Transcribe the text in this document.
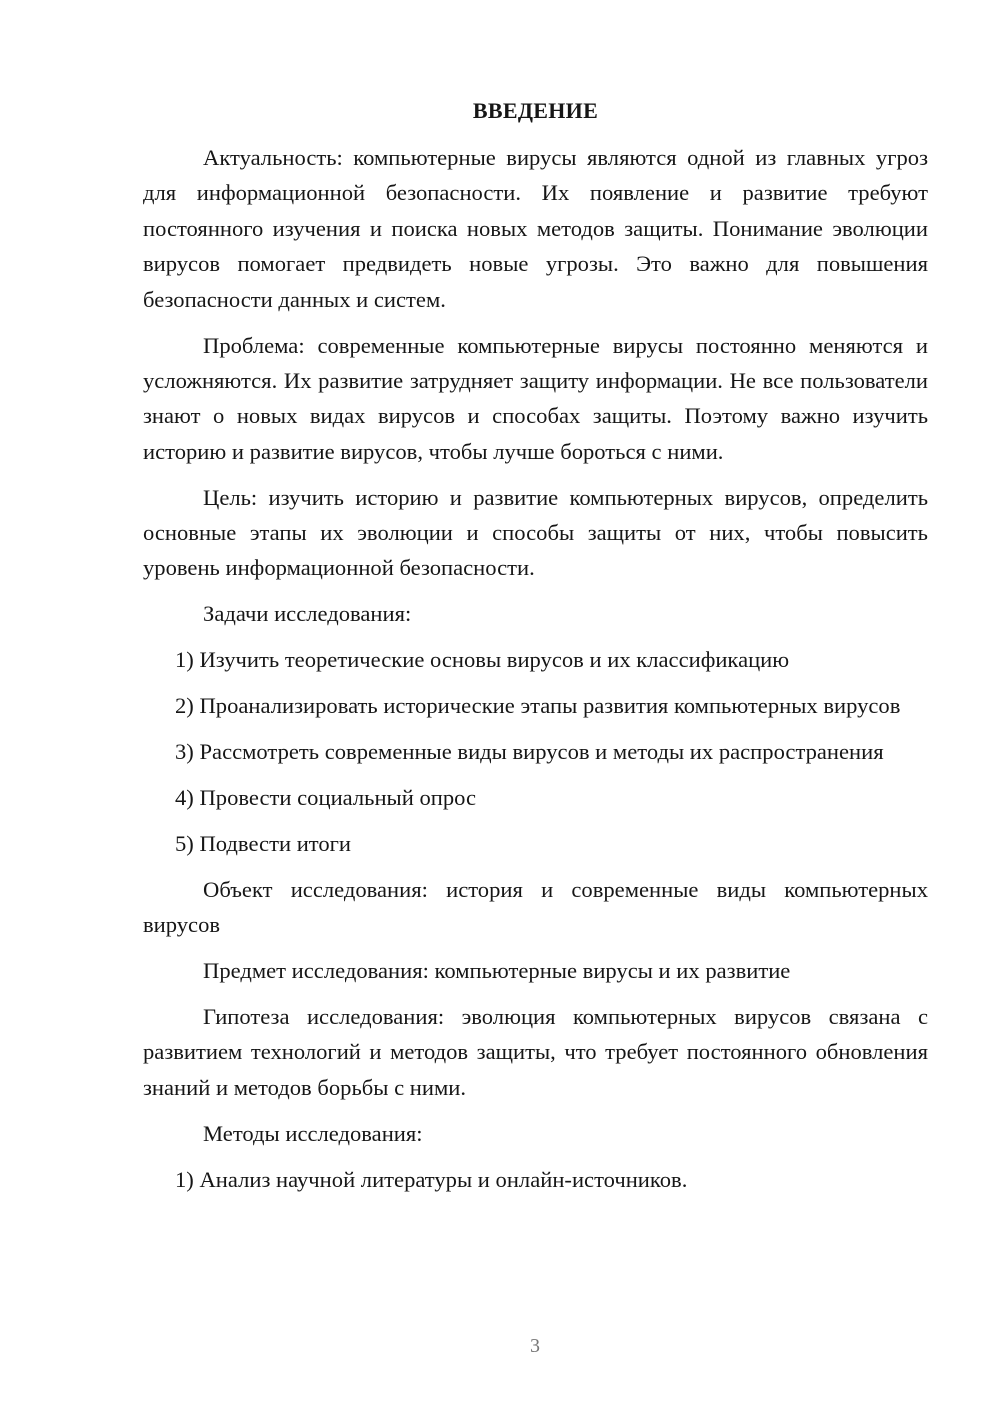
ВВЕДЕНИЕ

Актуальность: компьютерные вирусы являются одной из главных угроз для информационной безопасности. Их появление и развитие требуют постоянного изучения и поиска новых методов защиты. Понимание эволюции вирусов помогает предвидеть новые угрозы. Это важно для повышения безопасности данных и систем.

Проблема: современные компьютерные вирусы постоянно меняются и усложняются. Их развитие затрудняет защиту информации. Не все пользователи знают о новых видах вирусов и способах защиты. Поэтому важно изучить историю и развитие вирусов, чтобы лучше бороться с ними.

Цель: изучить историю и развитие компьютерных вирусов, определить основные этапы их эволюции и способы защиты от них, чтобы повысить уровень информационной безопасности.

Задачи исследования:

1) Изучить теоретические основы вирусов и их классификацию

2) Проанализировать исторические этапы развития компьютерных вирусов

3) Рассмотреть современные виды вирусов и методы их распространения

4) Провести социальный опрос

5) Подвести итоги

Объект исследования: история и современные виды компьютерных вирусов

Предмет исследования: компьютерные вирусы и их развитие

Гипотеза исследования: эволюция компьютерных вирусов связана с развитием технологий и методов защиты, что требует постоянного обновления знаний и методов борьбы с ними.

Методы исследования:

1) Анализ научной литературы и онлайн-источников.

3
